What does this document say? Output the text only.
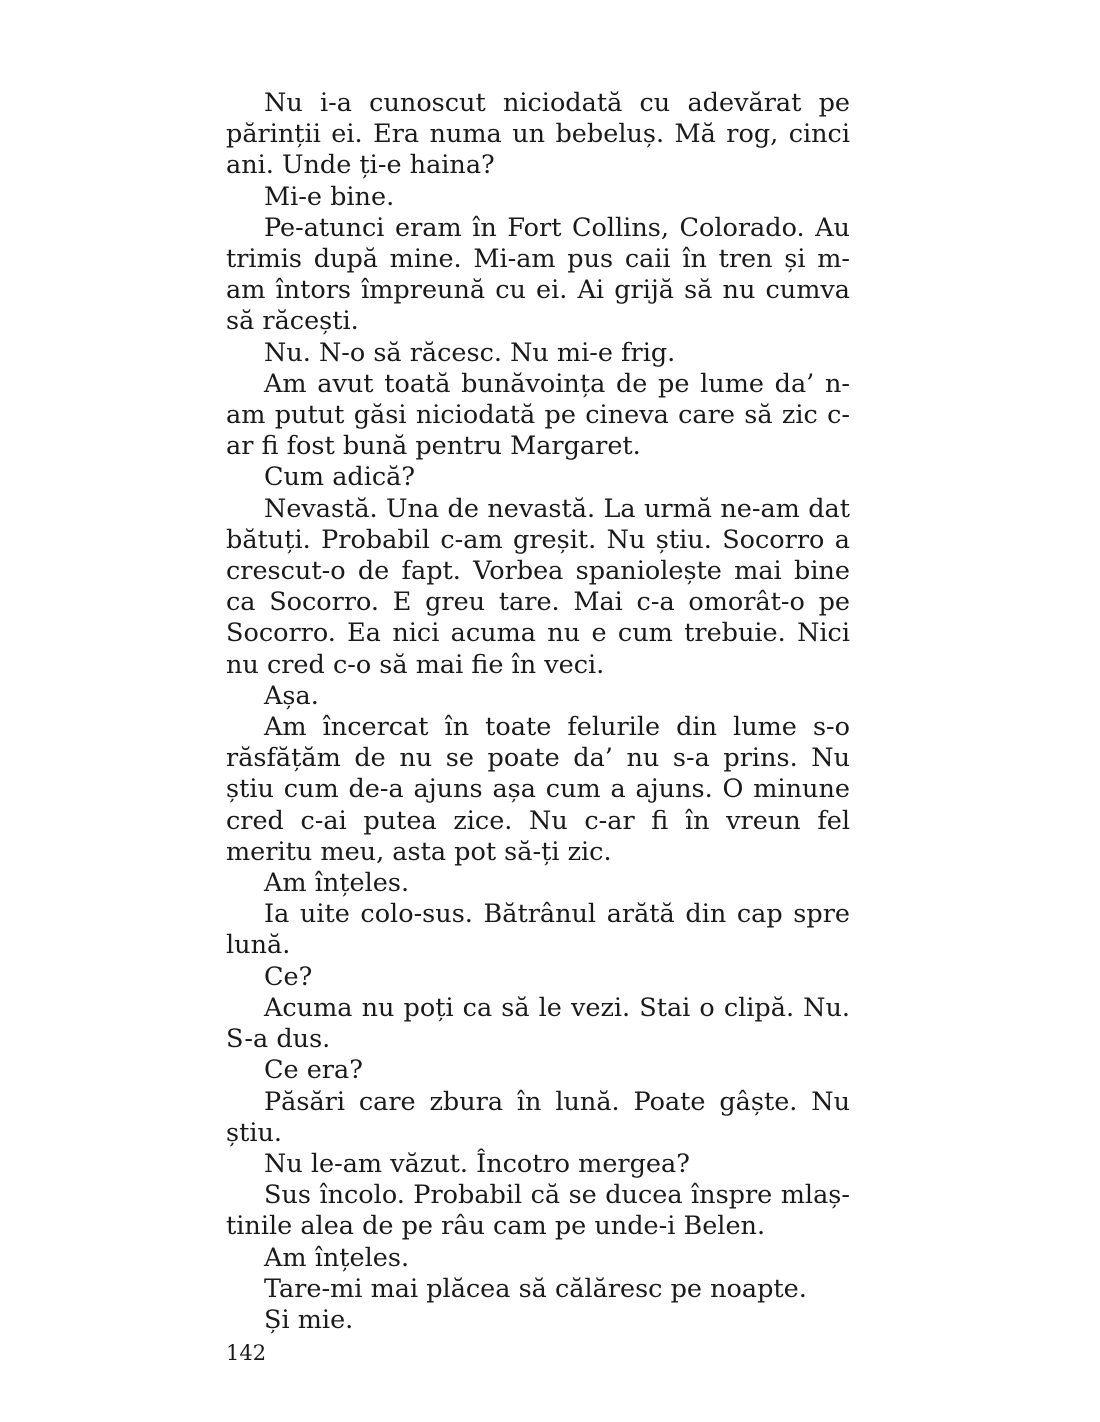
Nu i-a cunoscut niciodată cu adevărat pe părinții ei. Era numa un bebeluș. Mă rog, cinci ani. Unde ți-e haina?

Mi-e bine.

Pe-atunci eram în Fort Collins, Colorado. Au trimis după mine. Mi-am pus caii în tren și m-am întors împreună cu ei. Ai grijă să nu cumva să răcești.

Nu. N-o să răcesc. Nu mi-e frig.

Am avut toată bunăvoința de pe lume da’ n-am putut găsi niciodată pe cineva care să zic c-ar fi fost bună pentru Margaret.

Cum adică?

Nevastă. Una de nevastă. La urmă ne-am dat bătuți. Probabil c-am greșit. Nu știu. Socorro a crescut-o de fapt. Vorbea spaniolește mai bine ca Socorro. E greu tare. Mai c-a omorât-o pe Socorro. Ea nici acuma nu e cum trebuie. Nici nu cred c-o să mai fie în veci.

Așa.

Am încercat în toate felurile din lume s-o răsfățăm de nu se poate da’ nu s-a prins. Nu știu cum de-a ajuns așa cum a ajuns. O minune cred c-ai putea zice. Nu c-ar fi în vreun fel meritu meu, asta pot să-ți zic.

Am înțeles.

Ia uite colo-sus. Bătrânul arătă din cap spre lună.

Ce?

Acuma nu poți ca să le vezi. Stai o clipă. Nu. S-a dus.

Ce era?

Păsări care zbura în lună. Poate gâște. Nu știu.

Nu le-am văzut. Încotro mergea?

Sus încolo. Probabil că se ducea înspre mlaștinile alea de pe râu cam pe unde-i Belen.

Am înțeles.

Tare-mi mai plăcea să călăresc pe noapte.

Și mie.

142
